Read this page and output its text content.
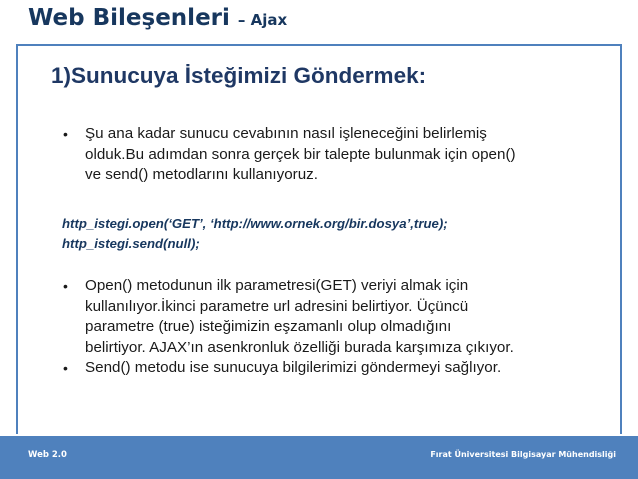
Web Bileşenleri – Ajax
1)Sunucuya İsteğimizi Göndermek:
•	Şu ana kadar sunucu cevabının nasıl işleneceğini belirlemiş
olduk.Bu adımdan sonra gerçek bir talepte bulunmak için open()
ve send() metodlarını kullanıyoruz.
http_istegi.open(‘GET’, ‘http://www.ornek.org/bir.dosya’,true);
http_istegi.send(null);
•	Open() metodunun ilk parametresi(GET) veriyi almak için
kullanılıyor.İkinci parametre url adresini belirtiyor. Üçüncü
parametre (true) isteğimizin eşzamanlı olup olmadığını
belirtiyor. AJAX’ın asenkronluk özelliği burada karşımıza çıkıyor.
•	Send() metodu ise sunucuya bilgilerimizi göndermeyi sağlıyor.
Web 2.0	Fırat Üniversitesi Bilgisayar Mühendisliği
